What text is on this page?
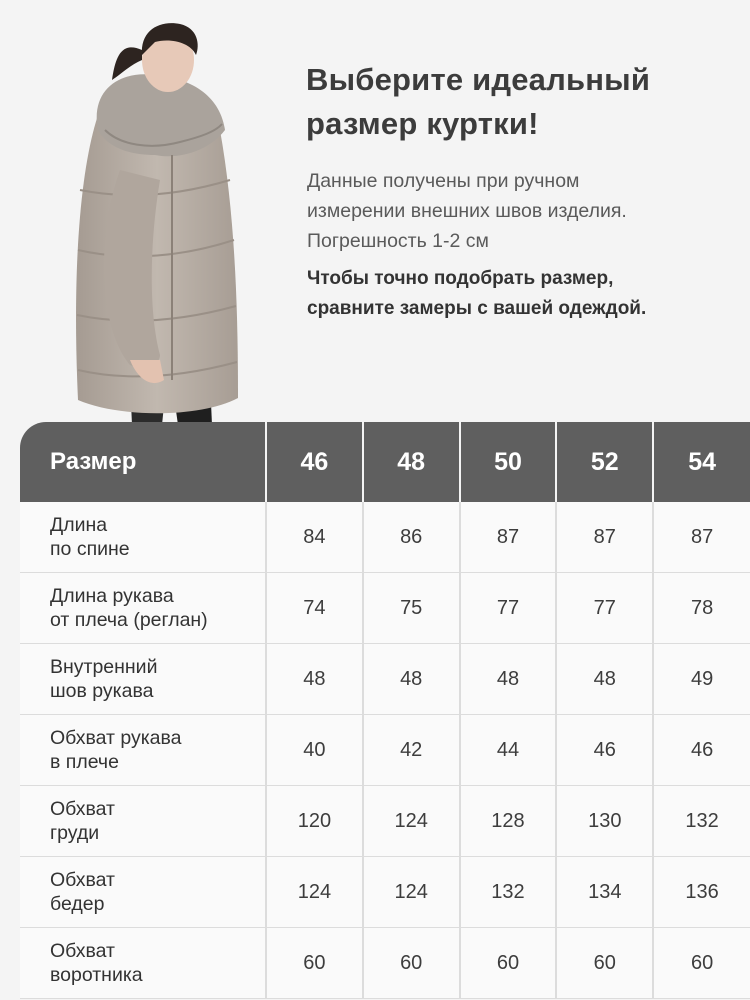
Выберите идеальный
размер куртки!
Данные получены при ручном
измерении внешних швов изделия.
Погрешность 1-2 см
Чтобы точно подобрать размер,
сравните замеры с вашей одеждой.
Размер	46	48	50	52	54

Длина
по спине	84	86	87	87	87

Длина рукава
от плеча (реглан)	74	75	77	77	78

Внутренний
шов рукава	48	48	48	48	49

Обхват рукава
в плече	40	42	44	46	46

Обхват
груди	120	124	128	130	132

Обхват
бедер	124	124	132	134	136

Обхват
воротника	60	60	60	60	60
